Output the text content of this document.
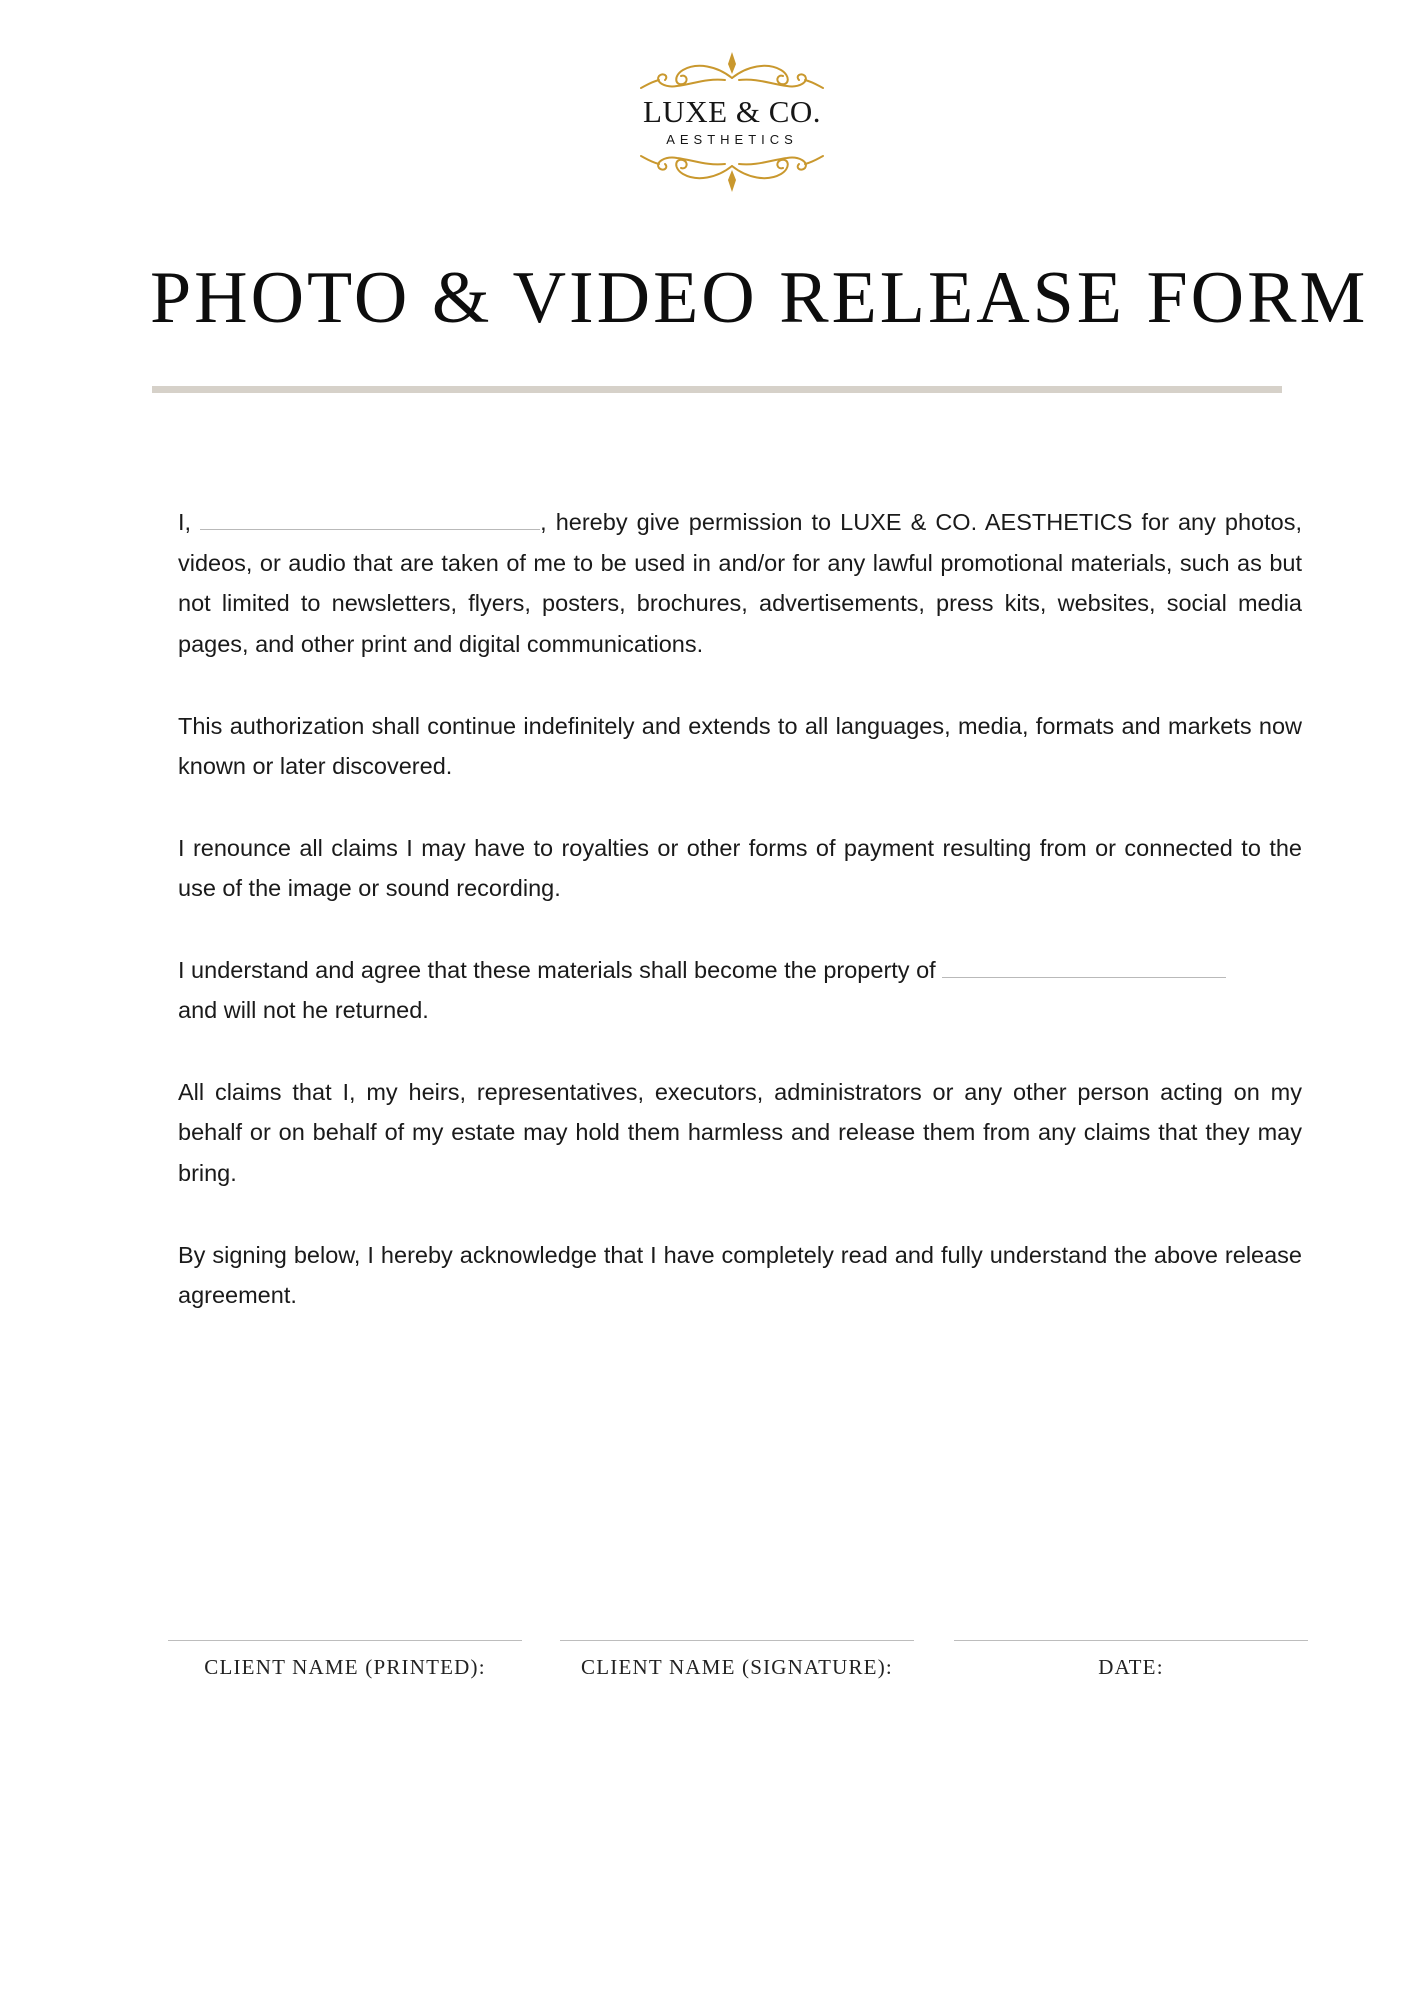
LUXE & CO.
AESTHETICS
PHOTO & VIDEO RELEASE FORM

I,	, hereby give permission to LUXE & CO. AESTHETICS for any photos, videos, or audio that are taken of me to be used in and/or for any lawful promotional materials, such as but not limited to newsletters, flyers, posters, brochures, advertisements, press kits, websites, social media pages, and other print and digital communications.

This authorization shall continue indefinitely and extends to all languages, media, formats and markets now known or later discovered.

I renounce all claims I may have to royalties or other forms of payment resulting from or connected to the use of the image or sound recording.

I understand and agree that these materials shall become the property of
and will not he returned.

All claims that I, my heirs, representatives, executors, administrators or any other person acting on my behalf or on behalf of my estate may hold them harmless and release them from any claims that they may bring.

By signing below, I hereby acknowledge that I have completely read and fully understand the above release agreement.

CLIENT NAME (PRINTED):	CLIENT NAME (SIGNATURE):	DATE:
